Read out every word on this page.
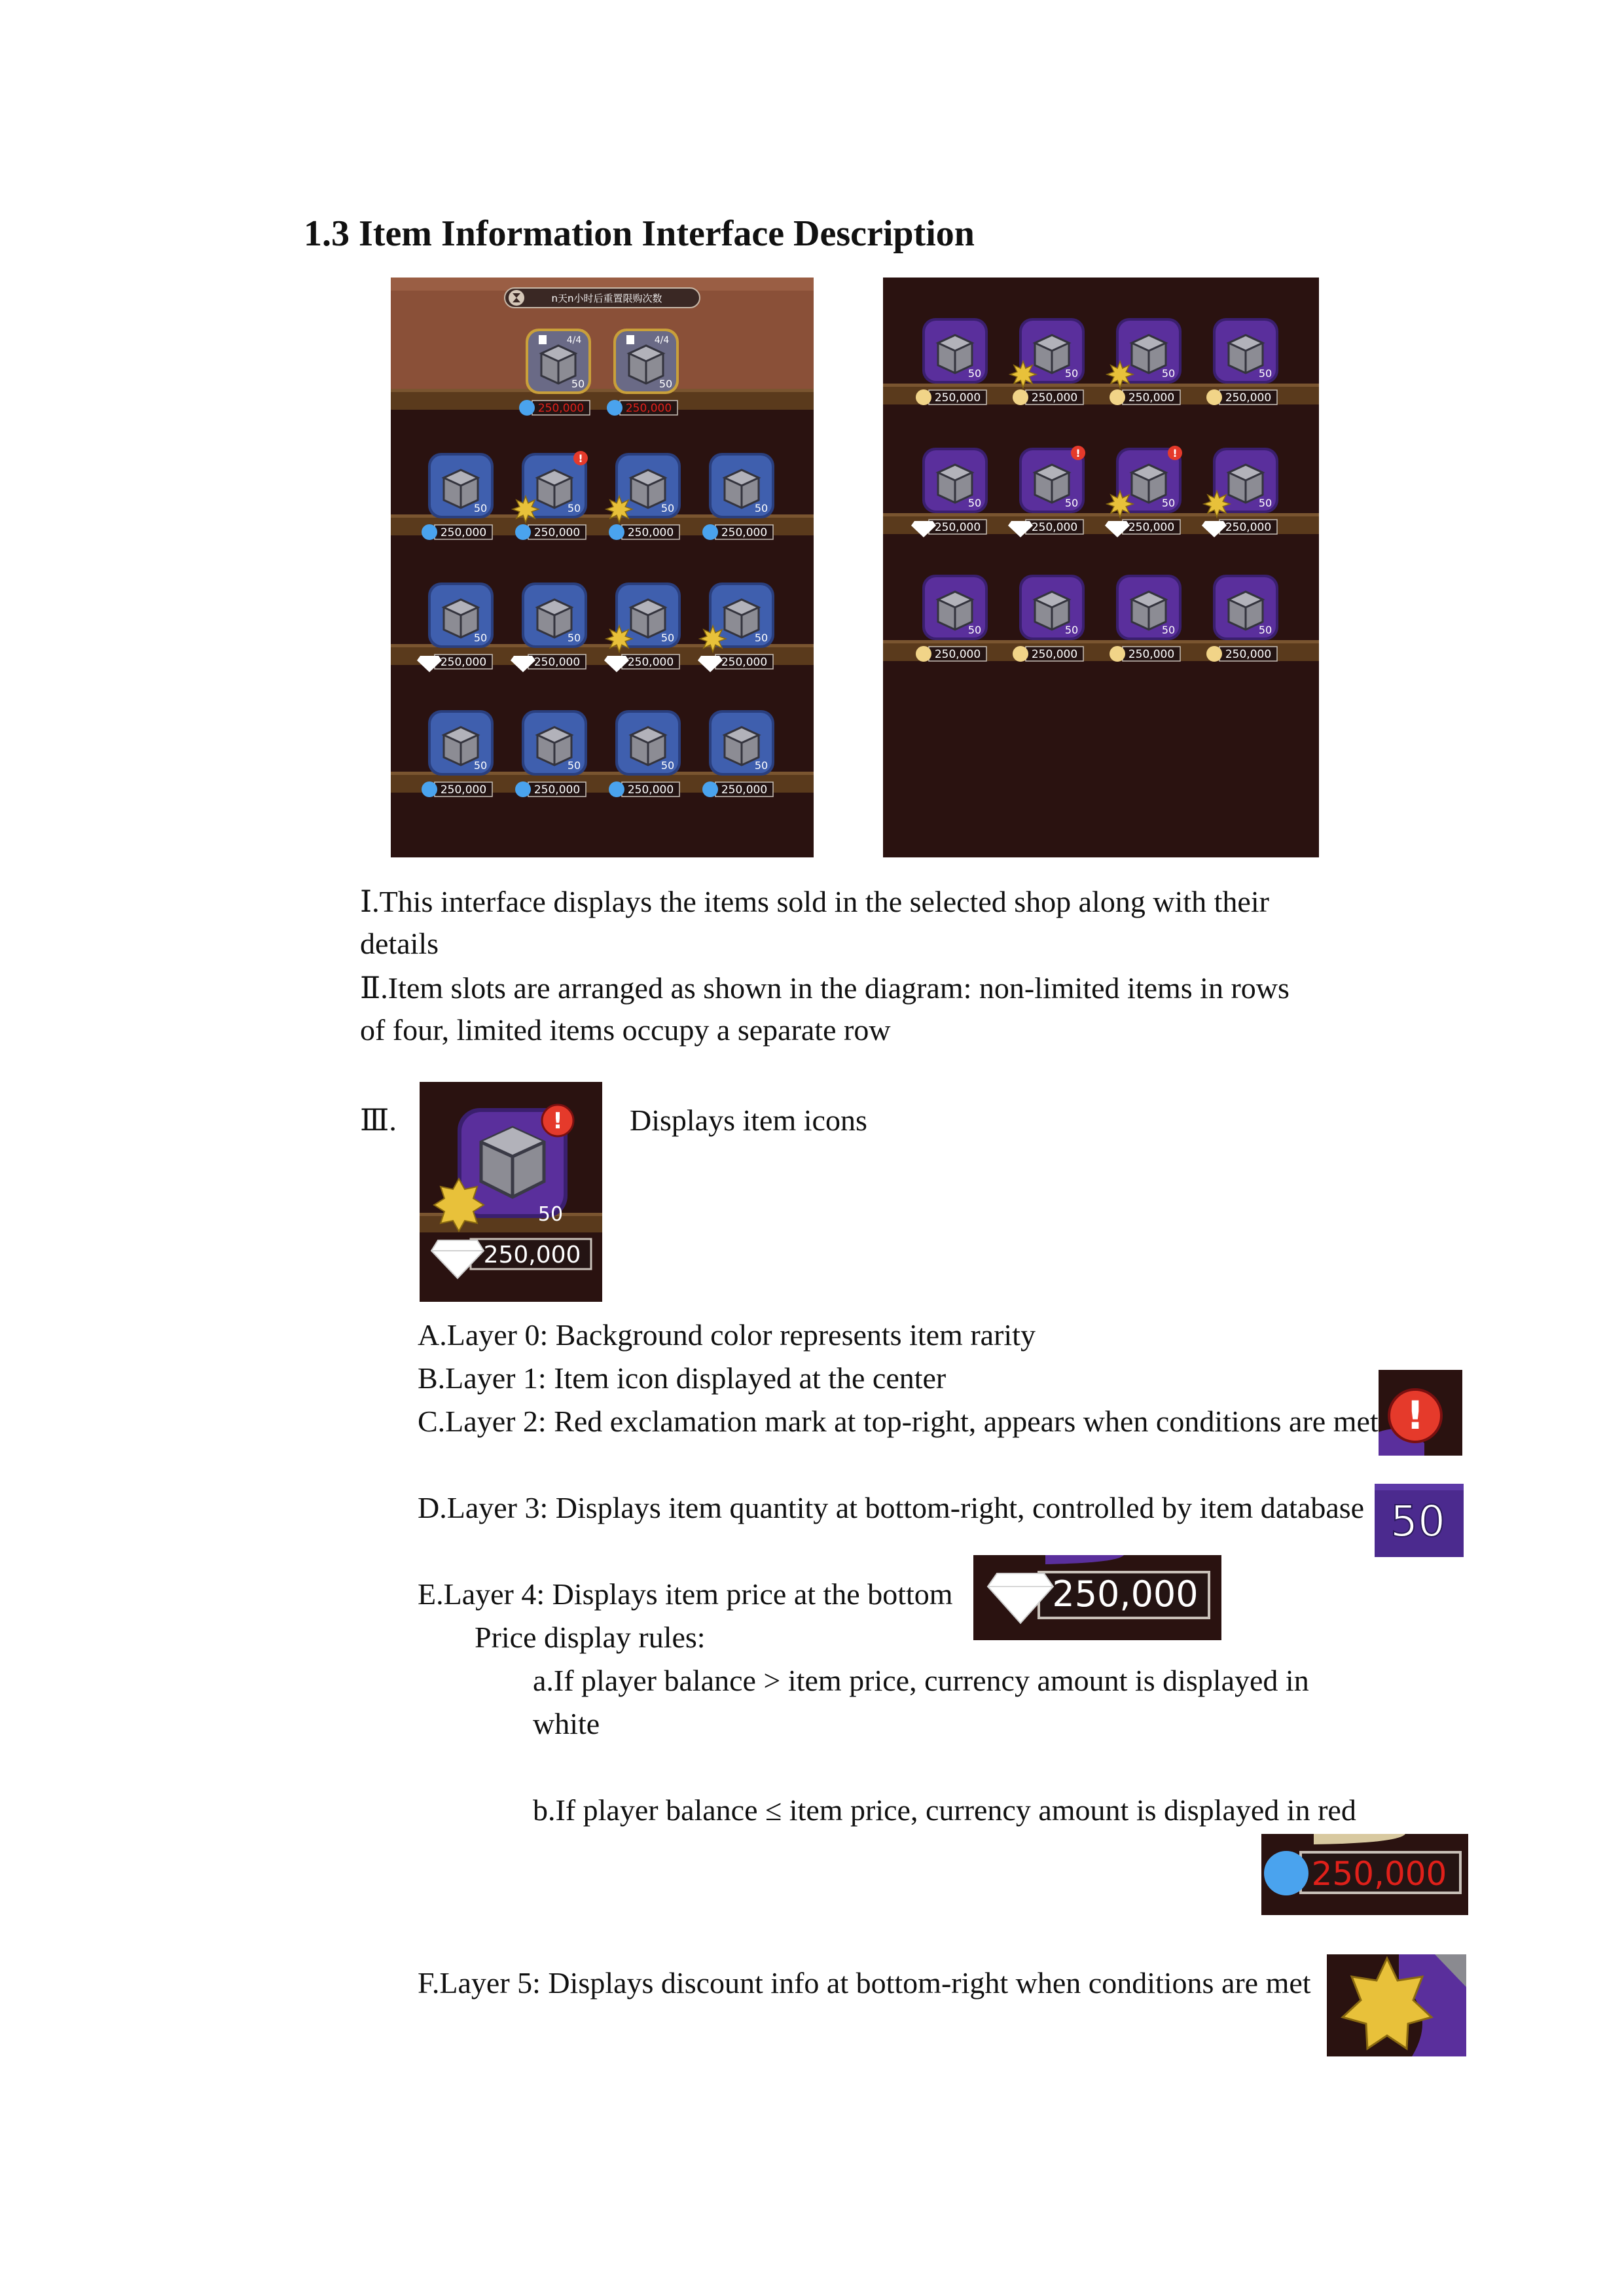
1.3 Item Information Interface Description
n天n小时后重置限购次数
50
250,000
4/4
50
250,000
4/4
50
250,000
50
!
250,000
50
250,000
50
250,000
50
250,000
50
250,000
50
250,000
50
250,000
50
250,000
50
250,000
50
250,000
50
250,000
50
250,000
50
250,000
50
250,000
50
250,000
50
250,000
50
!
250,000
50
!
250,000
50
250,000
50
250,000
50
250,000
50
250,000
50
250,000
Ⅰ.This interface displays the items sold in the selected shop along with their
details
Ⅱ.Item slots are arranged as shown in the diagram: non-limited items in rows
of four, limited items occupy a separate row
Ⅲ.	Displays item icons
!
50
250,000
A.Layer 0: Background color represents item rarity
B.Layer 1: Item icon displayed at the center
C.Layer 2: Red exclamation mark at top-right, appears when conditions are met
D.Layer 3: Displays item quantity at bottom-right, controlled by item database
E.Layer 4: Displays item price at the bottom
Price display rules:
a.If player balance > item price, currency amount is displayed in
white
b.If player balance ≤ item price, currency amount is displayed in red
F.Layer 5: Displays discount info at bottom-right when conditions are met
!
50
250,000
250,000
